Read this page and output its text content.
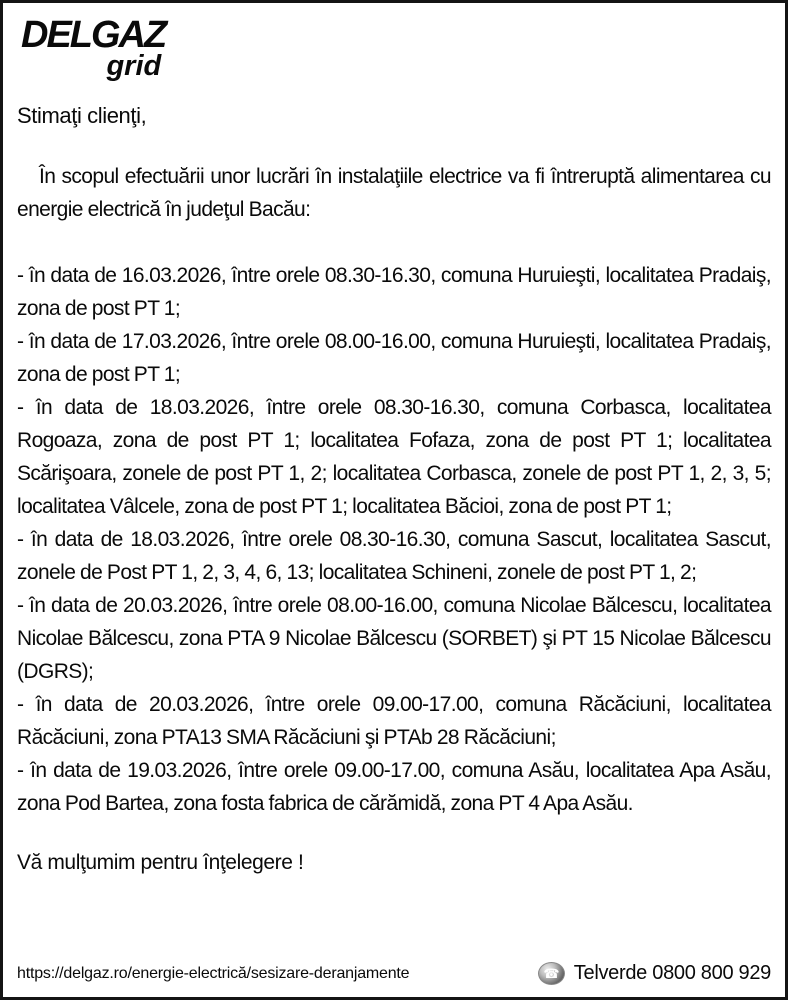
DELGAZ
grid

Stimaţi clienţi,

În scopul efectuării unor lucrări în instalaţiile electrice va fi întreruptă alimentarea cu energie electrică în judeţul Bacău:

- în data de 16.03.2026, între orele 08.30-16.30, comuna Huruieşti, localitatea Pradaiş, zona de post PT 1;

- în data de 17.03.2026, între orele 08.00-16.00, comuna Huruieşti, localitatea Pradaiş, zona de post PT 1;

- în data de 18.03.2026, între orele 08.30-16.30, comuna Corbasca, localitatea Rogoaza, zona de post PT 1; localitatea Fofaza, zona de post PT 1; localitatea Scărişoara, zonele de post PT 1, 2; localitatea Corbasca, zonele de post PT 1, 2, 3, 5; localitatea Vâlcele, zona de post PT 1; localitatea Băcioi, zona de post PT 1;

- în data de 18.03.2026, între orele 08.30-16.30, comuna Sascut, localitatea Sascut, zonele de Post PT 1, 2, 3, 4, 6, 13; localitatea Schineni, zonele de post PT 1, 2;

- în data de 20.03.2026, între orele 08.00-16.00, comuna Nicolae Bălcescu, localitatea Nicolae Bălcescu, zona PTA 9 Nicolae Bălcescu (SORBET) şi PT 15 Nicolae Bălcescu (DGRS);

- în data de 20.03.2026, între orele 09.00-17.00, comuna Răcăciuni, localitatea Răcăciuni, zona PTA13 SMA Răcăciuni şi PTAb 28 Răcăciuni;

- în data de 19.03.2026, între orele 09.00-17.00, comuna Asău, localitatea Apa Asău, zona Pod Bartea, zona fosta fabrica de cărămidă, zona PT 4 Apa Asău.

Vă mulţumim pentru înţelegere !

https://delgaz.ro/energie-electrică/sesizare-deranjamente	☎ Telverde 0800 800 929
